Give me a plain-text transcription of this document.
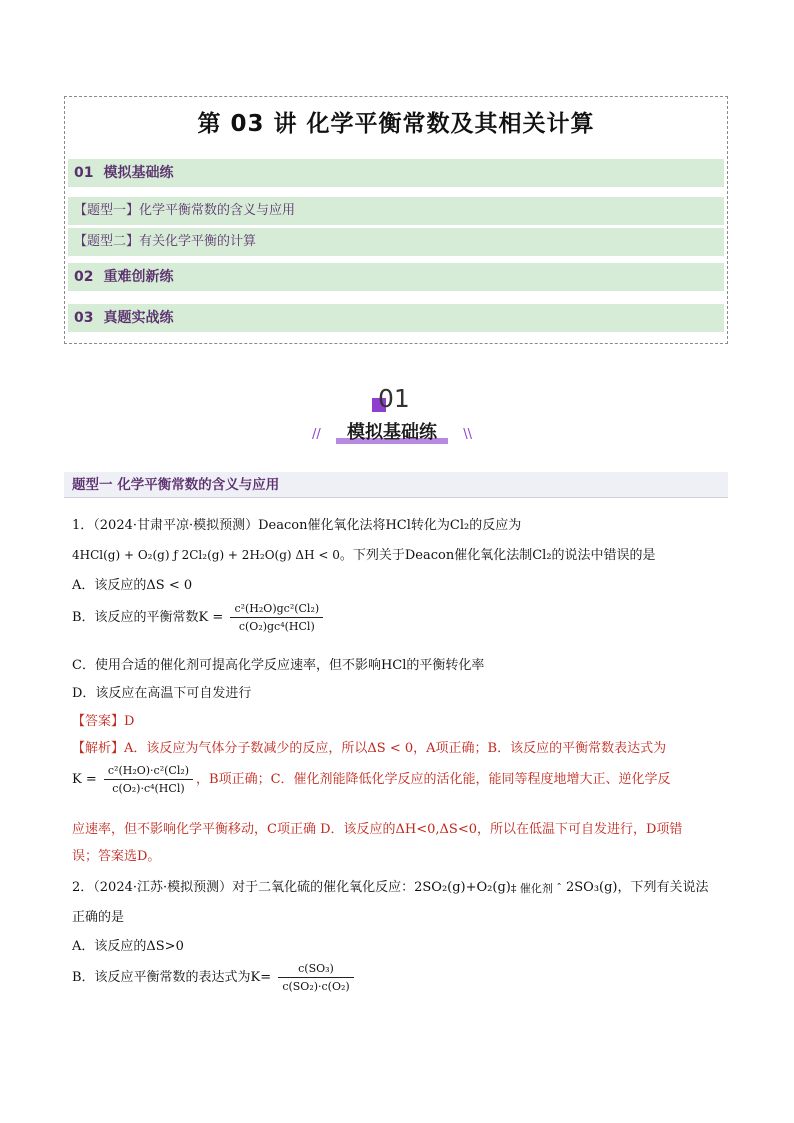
第 03 讲 化学平衡常数及其相关计算
01 模拟基础练
【题型一】化学平衡常数的含义与应用
【题型二】有关化学平衡的计算
02 重难创新练
03 真题实战练
01
// 模拟基础练 \\
题型一 化学平衡常数的含义与应用
1．（2024·甘肃平凉·模拟预测）Deacon催化氧化法将HCl转化为Cl₂的反应为
4HCl(g) + O₂(g) ƒ 2Cl₂(g) + 2H₂O(g) ΔH < 0。下列关于Deacon催化氧化法制Cl₂的说法中错误的是
A．该反应的ΔS < 0
B．该反应的平衡常数$K = \frac{\text{c²(H₂O)gc²(Cl₂)}}{\text{c(O₂)gc⁴(HCl)}}$
C．使用合适的催化剂可提高化学反应速率，但不影响HCl的平衡转化率
D．该反应在高温下可自发进行
【答案】D
【解析】A．该反应为气体分子数减少的反应，所以ΔS < 0，A项正确；B．该反应的平衡常数表达式为
$K = \frac{\text{c²(H₂O)·c²(Cl₂)}}{\text{c(O₂)·c⁴(HCl)}}$ ，B项正确；C．催化剂能降低化学反应的活化能，能同等程度地增大正、逆化学反
应速率，但不影响化学平衡移动，C项正确 D．该反应的ΔH<0,ΔS<0，所以在低温下可自发进行，D项错
误；答案选D。
2．（2024·江苏·模拟预测）对于二氧化硫的催化氧化反应：2SO₂(g)+O₂(g)‡ 催化剂 ˆ 2SO₃(g)，下列有关说法
正确的是
A．该反应的ΔS>0
B．该反应平衡常数的表达式为$K= \frac{\text{c(SO₃)}}{\text{c(SO₂)·c(O₂)}}$
